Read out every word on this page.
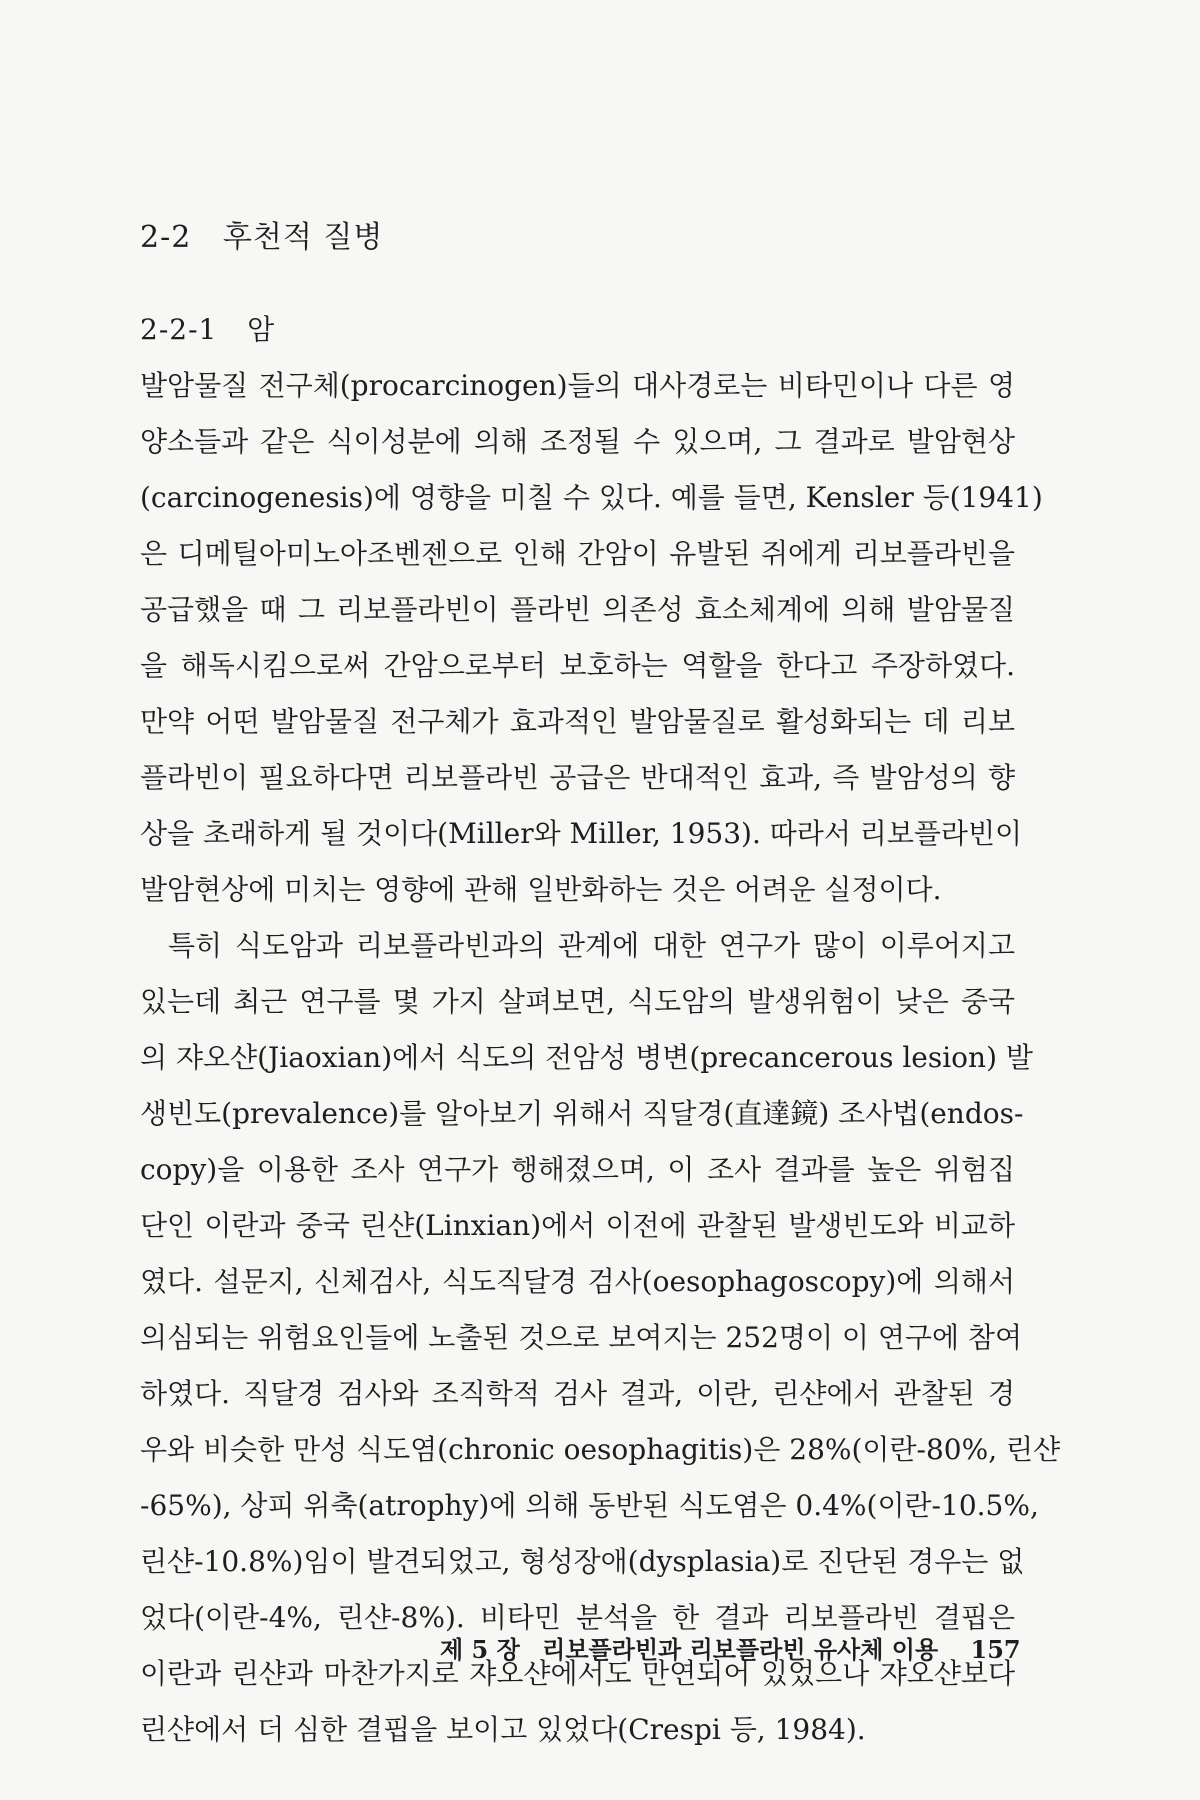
2-2 후천적 질병
2-2-1 암
발암물질 전구체(procarcinogen)들의 대사경로는 비타민이나 다른 영
양소들과 같은 식이성분에 의해 조정될 수 있으며, 그 결과로 발암현상
(carcinogenesis)에 영향을 미칠 수 있다. 예를 들면, Kensler 등(1941)
은 디메틸아미노아조벤젠으로 인해 간암이 유발된 쥐에게 리보플라빈을
공급했을 때 그 리보플라빈이 플라빈 의존성 효소체계에 의해 발암물질
을 해독시킴으로써 간암으로부터 보호하는 역할을 한다고 주장하였다.
만약 어떤 발암물질 전구체가 효과적인 발암물질로 활성화되는 데 리보
플라빈이 필요하다면 리보플라빈 공급은 반대적인 효과, 즉 발암성의 향
상을 초래하게 될 것이다(Miller와 Miller, 1953). 따라서 리보플라빈이
발암현상에 미치는 영향에 관해 일반화하는 것은 어려운 실정이다.
특히 식도암과 리보플라빈과의 관계에 대한 연구가 많이 이루어지고
있는데 최근 연구를 몇 가지 살펴보면, 식도암의 발생위험이 낮은 중국
의 쟈오샨(Jiaoxian)에서 식도의 전암성 병변(precancerous lesion) 발
생빈도(prevalence)를 알아보기 위해서 직달경(直達鏡) 조사법(endos-
copy)을 이용한 조사 연구가 행해졌으며, 이 조사 결과를 높은 위험집
단인 이란과 중국 린샨(Linxian)에서 이전에 관찰된 발생빈도와 비교하
였다. 설문지, 신체검사, 식도직달경 검사(oesophagoscopy)에 의해서
의심되는 위험요인들에 노출된 것으로 보여지는 252명이 이 연구에 참여
하였다. 직달경 검사와 조직학적 검사 결과, 이란, 린샨에서 관찰된 경
우와 비슷한 만성 식도염(chronic oesophagitis)은 28%(이란-80%, 린샨
-65%), 상피 위축(atrophy)에 의해 동반된 식도염은 0.4%(이란-10.5%,
린샨-10.8%)임이 발견되었고, 형성장애(dysplasia)로 진단된 경우는 없
었다(이란-4%, 린샨-8%). 비타민 분석을 한 결과 리보플라빈 결핍은
이란과 린샨과 마찬가지로 쟈오샨에서도 만연되어 있었으나 쟈오샨보다
린샨에서 더 심한 결핍을 보이고 있었다(Crespi 등, 1984).
제 5 장 리보플라빈과 리보플라빈 유사체 이용 157
